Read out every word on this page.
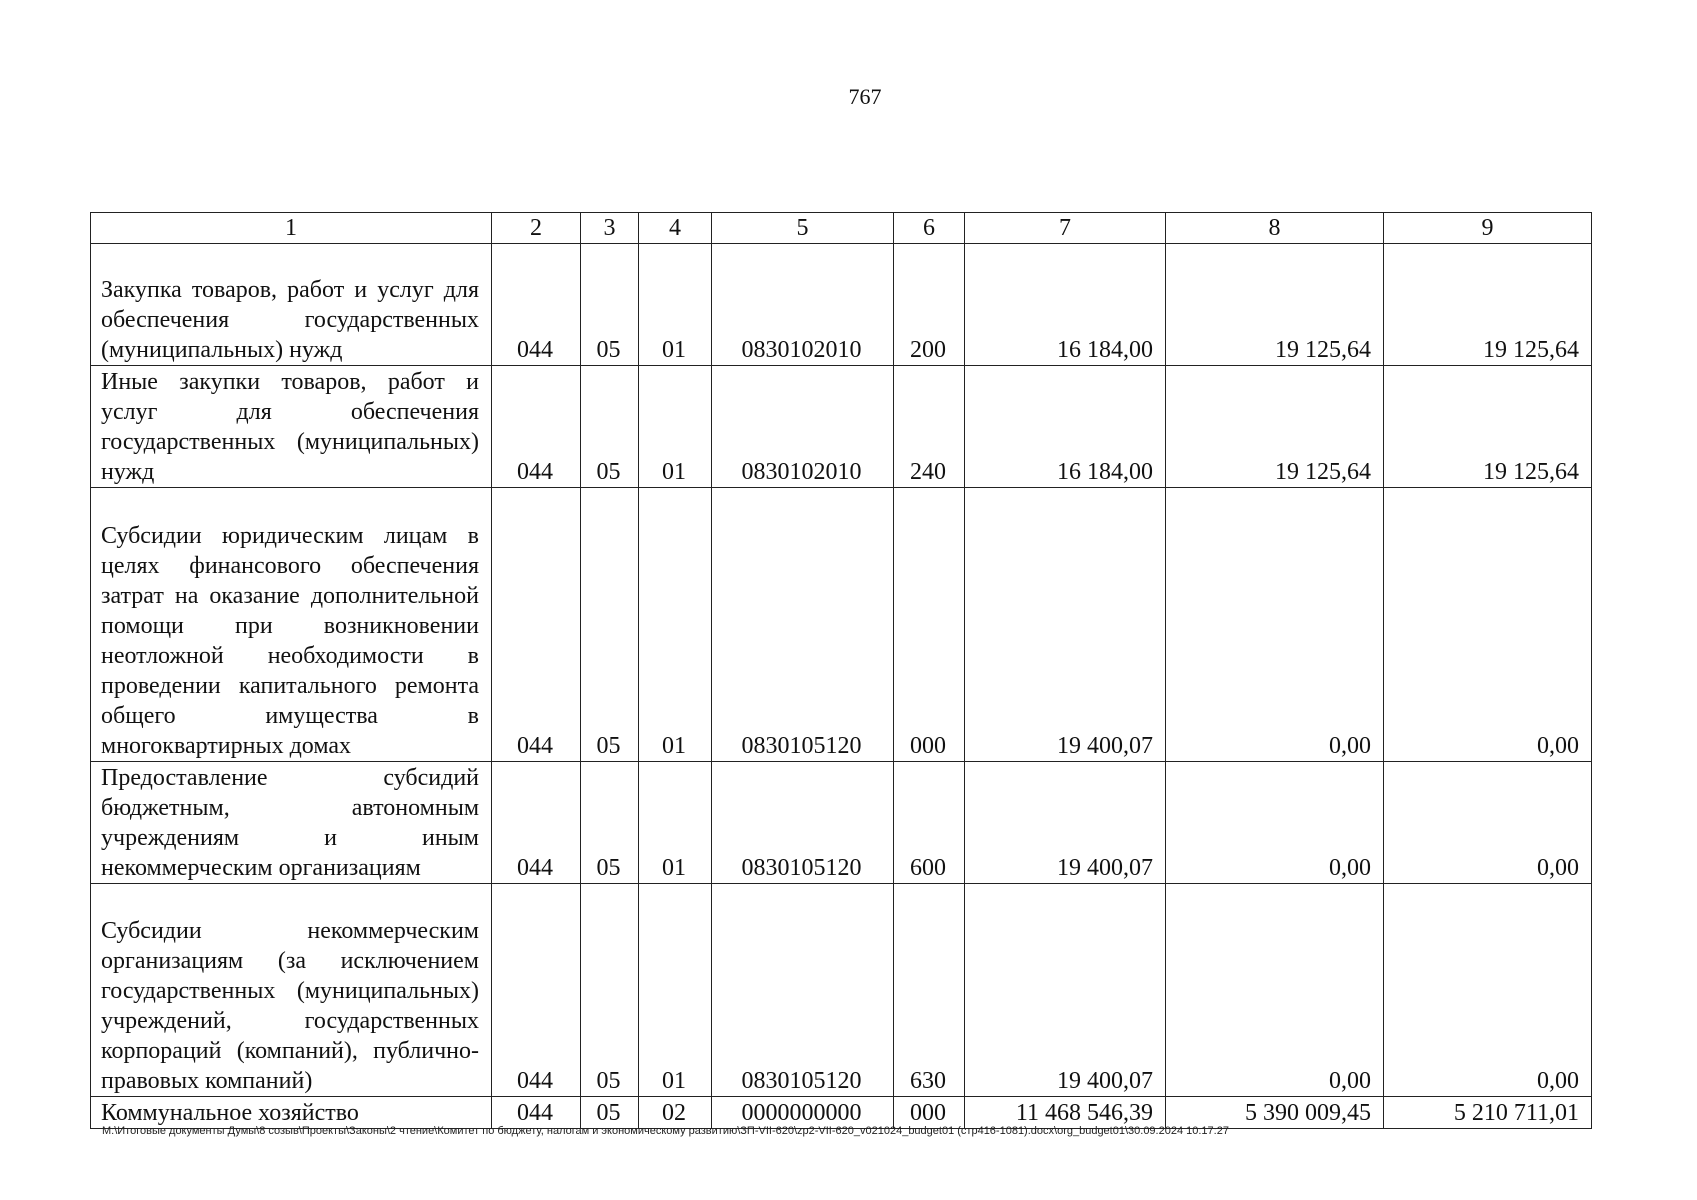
767
1	2	3	4	5	6	7	8	9
Закупка товаров, работ и услуг для обеспечения государственных (муниципальных) нужд	044	05	01	0830102010	200	16 184,00	19 125,64	19 125,64
Иные закупки товаров, работ и услуг для обеспечения государственных (муниципальных) нужд	044	05	01	0830102010	240	16 184,00	19 125,64	19 125,64
Субсидии юридическим лицам в целях финансового обеспечения затрат на оказание дополнительной помощи при возникновении неотложной необходимости в проведении капитального ремонта общего имущества в многоквартирных домах	044	05	01	0830105120	000	19 400,07	0,00	0,00
Предоставление субсидий бюджетным, автономным учреждениям и иным некоммерческим организациям	044	05	01	0830105120	600	19 400,07	0,00	0,00
Субсидии некоммерческим организациям (за исключением государственных (муниципальных) учреждений, государственных корпораций (компаний), публично-правовых компаний)	044	05	01	0830105120	630	19 400,07	0,00	0,00
Коммунальное хозяйство	044	05	02	0000000000	000	11 468 546,39	5 390 009,45	5 210 711,01
M:\Итоговые документы Думы\8 созыв\Проекты\Законы\2 чтение\Комитет по бюджету, налогам и экономическому развитию\ЗП-VII-620\zp2-VII-620_v021024_budget01 (стр416-1081).docx\org_budget01\30.09.2024 10:17:27
